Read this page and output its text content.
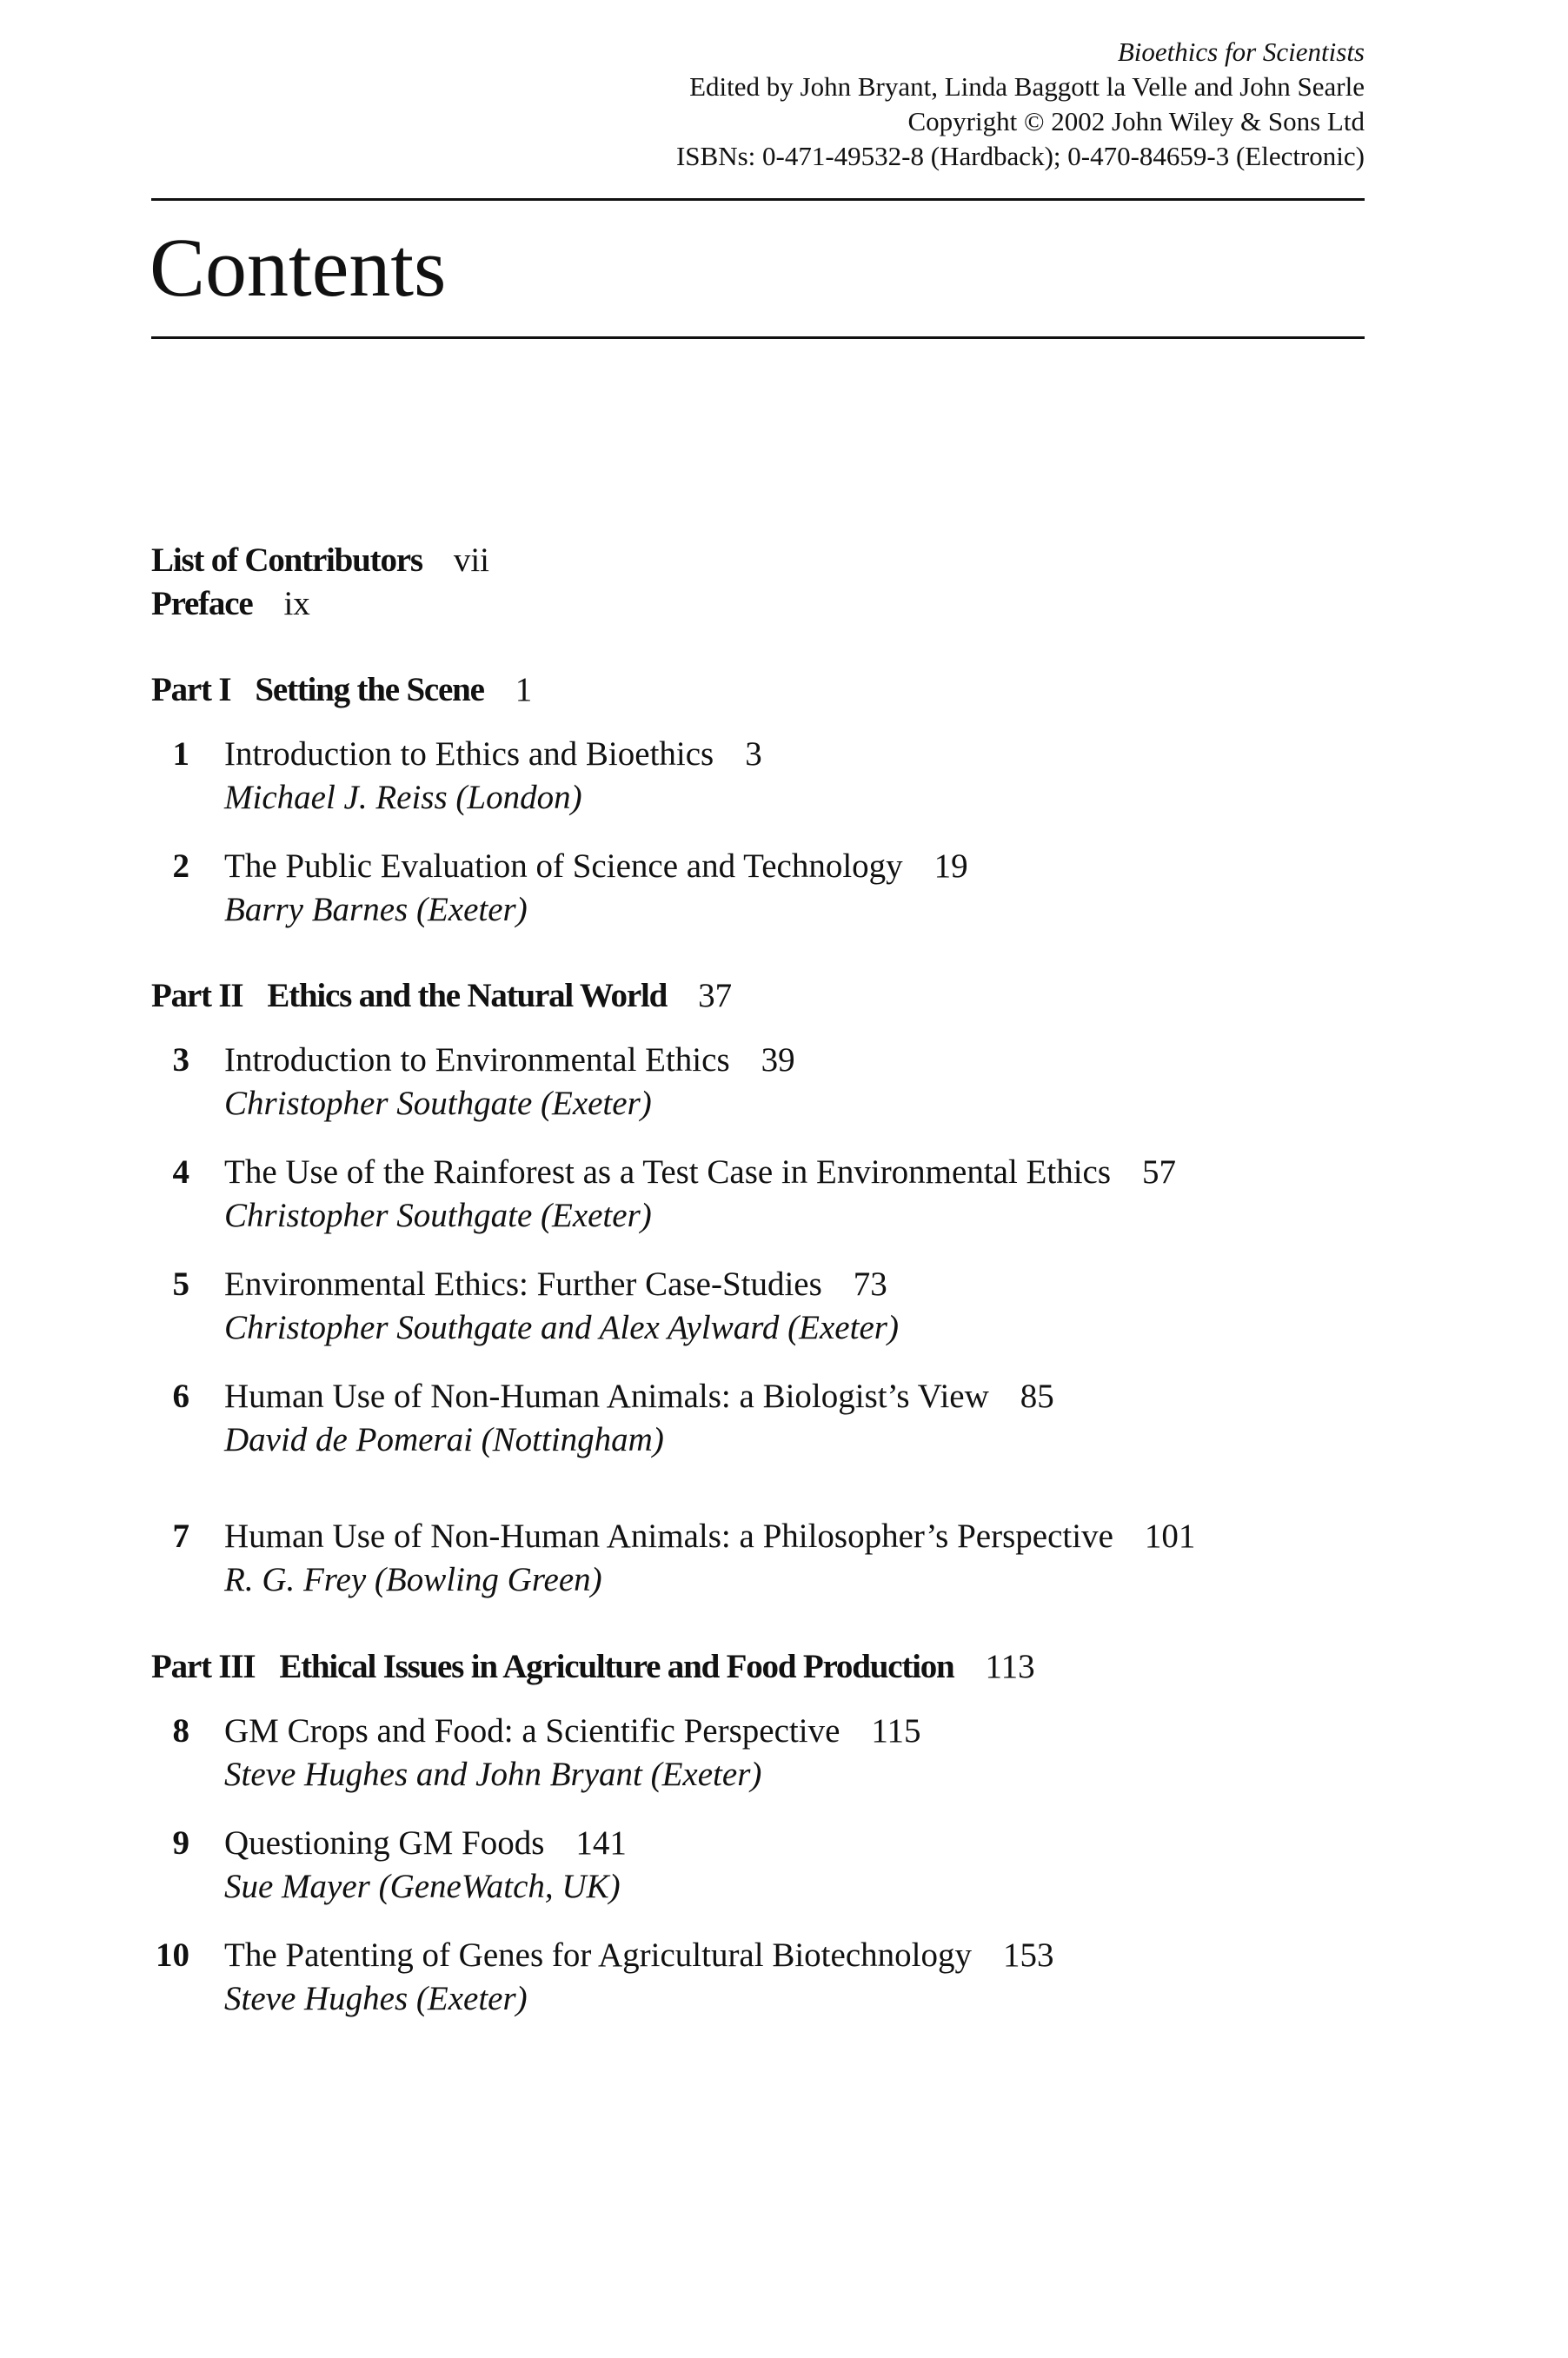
Bioethics for Scientists
Edited by John Bryant, Linda Baggott la Velle and John Searle
Copyright © 2002 John Wiley & Sons Ltd
ISBNs: 0-471-49532-8 (Hardback); 0-470-84659-3 (Electronic)
Contents
List of Contributors vii
Preface ix
Part I Setting the Scene 1
1 Introduction to Ethics and Bioethics 3
Michael J. Reiss (London)
2 The Public Evaluation of Science and Technology 19
Barry Barnes (Exeter)
Part II Ethics and the Natural World 37
3 Introduction to Environmental Ethics 39
Christopher Southgate (Exeter)
4 The Use of the Rainforest as a Test Case in Environmental Ethics 57
Christopher Southgate (Exeter)
5 Environmental Ethics: Further Case-Studies 73
Christopher Southgate and Alex Aylward (Exeter)
6 Human Use of Non-Human Animals: a Biologist’s View 85
David de Pomerai (Nottingham)
7 Human Use of Non-Human Animals: a Philosopher’s Perspective 101
R. G. Frey (Bowling Green)
Part III Ethical Issues in Agriculture and Food Production 113
8 GM Crops and Food: a Scientific Perspective 115
Steve Hughes and John Bryant (Exeter)
9 Questioning GM Foods 141
Sue Mayer (GeneWatch, UK)
10 The Patenting of Genes for Agricultural Biotechnology 153
Steve Hughes (Exeter)
